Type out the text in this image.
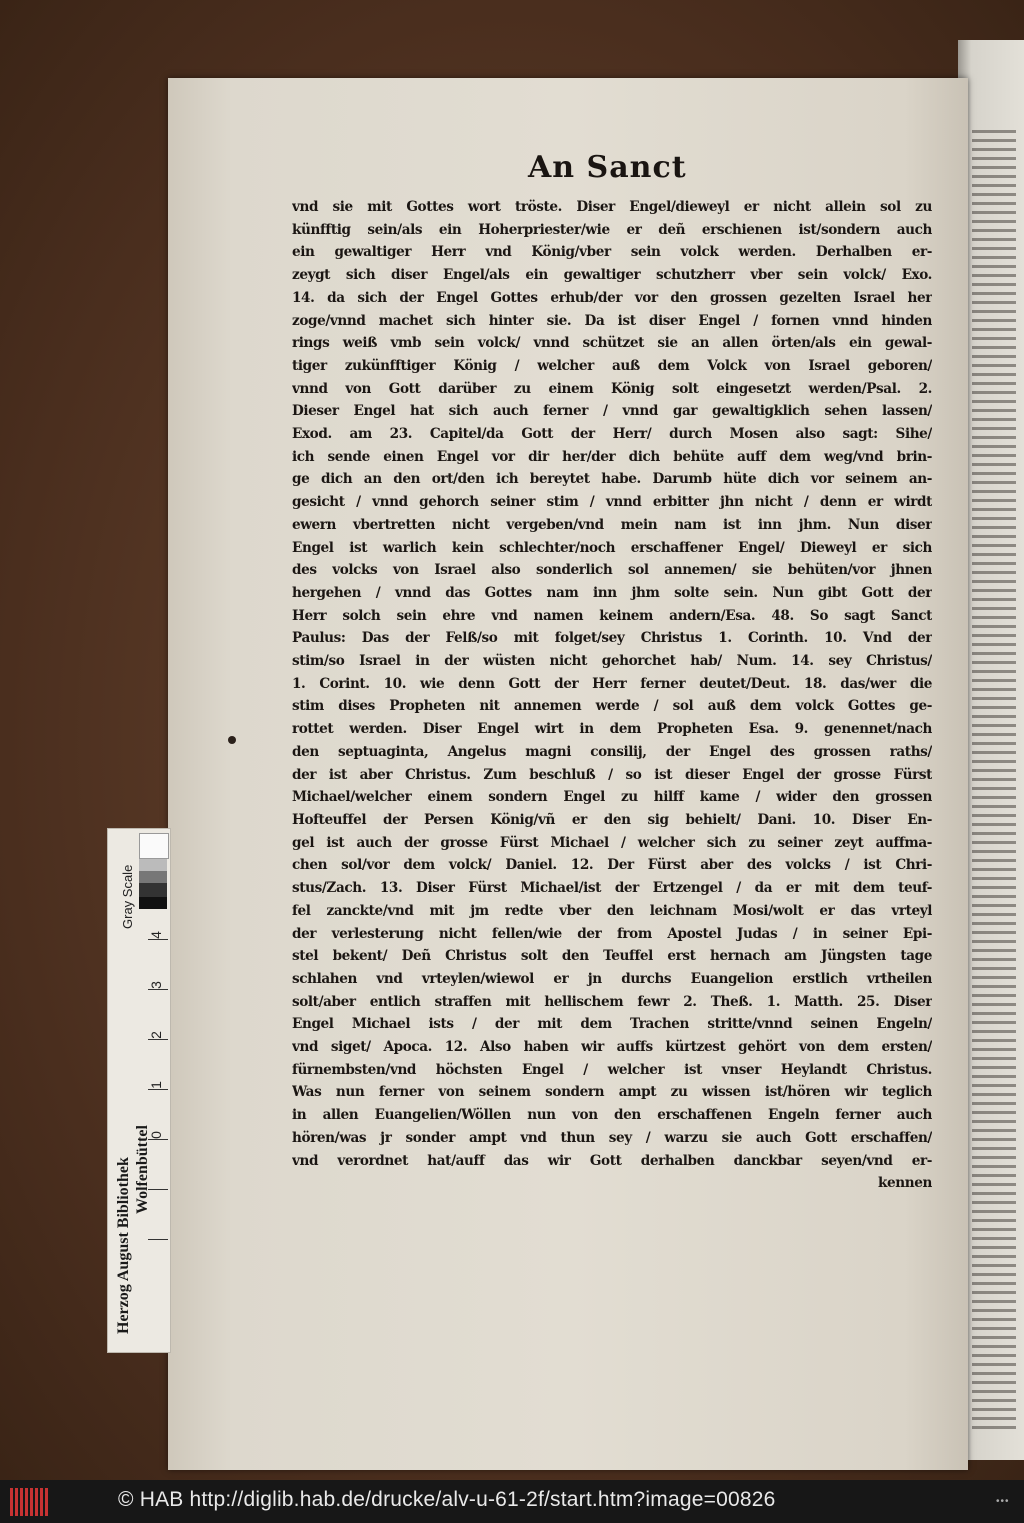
An Sanct
vnd sie mit Gottes wort tröste. Diser Engel/dieweyl er nicht allein sol zu
künfftig sein/als ein Hoherpriester/wie er deñ erschienen ist/sondern auch
ein gewaltiger Herr vnd König/vber sein volck werden. Derhalben er-
zeygt sich diser Engel/als ein gewaltiger schutzherr vber sein volck/ Exo.
14. da sich der Engel Gottes erhub/der vor den grossen gezelten Israel her
zoge/vnnd machet sich hinter sie. Da ist diser Engel / fornen vnnd hinden
rings weiß vmb sein volck/ vnnd schützet sie an allen örten/als ein gewal-
tiger zukünfftiger König / welcher auß dem Volck von Israel geboren/
vnnd von Gott darüber zu einem König solt eingesetzt werden/Psal. 2.
Dieser Engel hat sich auch ferner / vnnd gar gewaltigklich sehen lassen/
Exod. am 23. Capitel/da Gott der Herr/ durch Mosen also sagt: Sihe/
ich sende einen Engel vor dir her/der dich behüte auff dem weg/vnd brin-
ge dich an den ort/den ich bereytet habe. Darumb hüte dich vor seinem an-
gesicht / vnnd gehorch seiner stim / vnnd erbitter jhn nicht / denn er wirdt
ewern vbertretten nicht vergeben/vnd mein nam ist inn jhm. Nun diser
Engel ist warlich kein schlechter/noch erschaffener Engel/ Dieweyl er sich
des volcks von Israel also sonderlich sol annemen/ sie behüten/vor jhnen
hergehen / vnnd das Gottes nam inn jhm solte sein. Nun gibt Gott der
Herr solch sein ehre vnd namen keinem andern/Esa. 48. So sagt Sanct
Paulus: Das der Felß/so mit folget/sey Christus 1. Corinth. 10. Vnd der
stim/so Israel in der wüsten nicht gehorchet hab/ Num. 14. sey Christus/
1. Corint. 10. wie denn Gott der Herr ferner deutet/Deut. 18. das/wer die
stim dises Propheten nit annemen werde / sol auß dem volck Gottes ge-
rottet werden. Diser Engel wirt in dem Propheten Esa. 9. genennet/nach
den septuaginta, Angelus magni consilij, der Engel des grossen raths/
der ist aber Christus. Zum beschluß / so ist dieser Engel der grosse Fürst
Michael/welcher einem sondern Engel zu hilff kame / wider den grossen
Hofteuffel der Persen König/vñ er den sig behielt/ Dani. 10. Diser En-
gel ist auch der grosse Fürst Michael / welcher sich zu seiner zeyt auffma-
chen sol/vor dem volck/ Daniel. 12. Der Fürst aber des volcks / ist Chri-
stus/Zach. 13. Diser Fürst Michael/ist der Ertzengel / da er mit dem teuf-
fel zanckte/vnd mit jm redte vber den leichnam Mosi/wolt er das vrteyl
der verlesterung nicht fellen/wie der from Apostel Judas / in seiner Epi-
stel bekent/ Deñ Christus solt den Teuffel erst hernach am Jüngsten tage
schlahen vnd vrteylen/wiewol er jn durchs Euangelion erstlich vrtheilen
solt/aber entlich straffen mit hellischem fewr 2. Theß. 1. Matth. 25. Diser
Engel Michael ists / der mit dem Trachen stritte/vnnd seinen Engeln/
vnd siget/ Apoca. 12. Also haben wir auffs kürtzest gehört von dem ersten/
fürnembsten/vnd höchsten Engel / welcher ist vnser Heylandt Christus.
Was nun ferner von seinem sondern ampt zu wissen ist/hören wir teglich
in allen Euangelien/Wöllen nun von den erschaffenen Engeln ferner auch
hören/was jr sonder ampt vnd thun sey / warzu sie auch Gott erschaffen/
vnd verordnet hat/auff das wir Gott derhalben danckbar seyen/vnd er-
kennen
Gray Scale
4
3
2
1
0
Herzog August Bibliothek Wolfenbüttel
© HAB http://diglib.hab.de/drucke/alv-u-61-2f/start.htm?image=00826	•••
